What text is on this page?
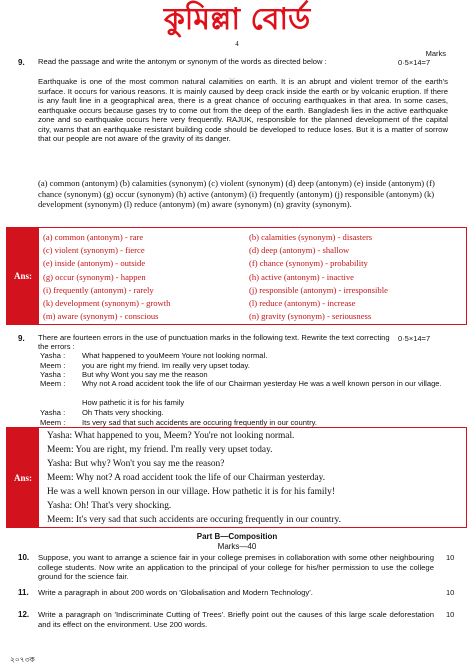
কুমিল্লা বোর্ড
4
Marks
9. Read the passage and write the antonym or synonym of the words as directed below :	0·5×14=7
Earthquake is one of the most common natural calamities on earth. It is an abrupt and violent tremor of the earth's surface. It occurs for various reasons. It is mainly caused by deep crack inside the earth or by volcanic eruption. If there is any fault line in a geographical area, there is a great chance of occuring earthquakes in that area. In some cases, earthquake occurs because gases try to come out from the deep of the earth. Bangladesh lies in the active earthquake zone and so earthquake occurs here very frequently. RAJUK, responsible for the planned development of the capital city, warns that an earthquake resistant building code should be developed to reduce loses. But it is a matter of sorrow that our people are not aware of the gravity of its danger.
(a) common (antonym) (b) calamities (synonym) (c) violent (synonym) (d) deep (antonym) (e) inside (antonym) (f) chance (synonym) (g) occur (synonym) (h) active (antonym) (i) frequently (antonym) (j) responsible (antonym) (k) development (synonym) (l) reduce (antonym) (m) aware (synonym) (n) gravity (synonym).
Ans:
(a) common (antonym) - rare	(b) calamities (synonym) - disasters
(c) violent (synonym) - fierce	(d) deep (antonym) - shallow
(e) inside (antonym) - outside	(f) chance (synonym) - probability
(g) occur (synonym) - happen	(h) active (antonym) - inactive
(i) frequently (antonym) - rarely	(j) responsible (antonym) - irresponsible
(k) development (synonym) - growth	(l) reduce (antonym) - increase
(m) aware (synonym) - conscious	(n) gravity (synonym) - seriousness
9. There are fourteen errors in the use of punctuation marks in the following text. Rewrite the text correcting the errors :
0·5×14=7
Yasha :	What happened to youMeem Youre not looking normal.
Meem :	you are right my friend. Im really very upset today.
Yasha :	But why Wont you say me the reason
Meem :	Why not A road accident took the life of our Chairman yesterday He was a well known person in our village.
How pathetic it is for his family
Yasha :	Oh Thats very shocking.
Meem :	Its very sad that such accidents are occuring frequently in our country.
Ans:
Yasha: What happened to you, Meem? You're not looking normal.
Meem: You are right, my friend. I'm really very upset today.
Yasha: But why? Won't you say me the reason?
Meem: Why not? A road accident took the life of our Chairman yesterday.
He was a well known person in our village. How pathetic it is for his family!
Yasha: Oh! That's very shocking.
Meem: It's very sad that such accidents are occuring frequently in our country.
Part B—Composition
Marks—40
10. Suppose, you want to arrange a science fair in your college premises in collaboration with some other neighbouring college students. Now write an application to the principal of your college for his/her permission to use the college ground for the science fair.
10
11. Write a paragraph in about 200 words on 'Globalisation and Modern Technology'.	10
12. Write a paragraph on 'Indiscriminate Cutting of Trees'. Briefly point out the causes of this large scale deforestation and its effect on the environment. Use 200 words.
10
২০৭৩ক
